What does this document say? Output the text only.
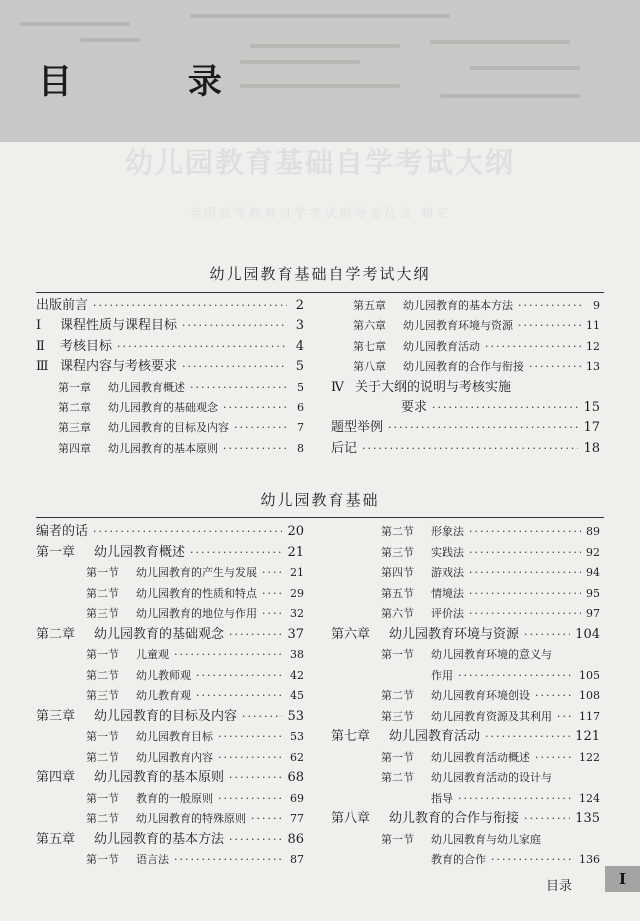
目 录
幼儿园教育基础自学考试大纲
全国高等教育自学考试指导委员会 制定
幼儿园教育基础自学考试大纲
出版前言 ·····	2
Ⅰ 课程性质与课程目标 ·····	3
Ⅱ 考核目标 ·····	4
Ⅲ 课程内容与考核要求 ·····	5
第一章 幼儿园教育概述 ·····	5
第二章 幼儿园教育的基础观念 ·····	6
第三章 幼儿园教育的目标及内容 ·····	7
第四章 幼儿园教育的基本原则 ·····	8
第五章 幼儿园教育的基本方法 ·····	9
第六章 幼儿园教育环境与资源 ·····	11
第七章 幼儿园教育活动 ·····	12
第八章 幼儿园教育的合作与衔接 ·····	13
Ⅳ 关于大纲的说明与考核实施
要求 ·····	15
题型举例 ·····	17
后记 ·····	18
幼儿园教育基础
编者的话 ·····	20
第一章 幼儿园教育概述 ·····	21
第一节 幼儿园教育的产生与发展 ·····	21
第二节 幼儿园教育的性质和特点 ·····	29
第三节 幼儿园教育的地位与作用 ·····	32
第二章 幼儿园教育的基础观念 ·····	37
第一节 儿童观 ·····	38
第二节 幼儿教师观 ·····	42
第三节 幼儿教育观 ·····	45
第三章 幼儿园教育的目标及内容 ·····	53
第一节 幼儿园教育目标 ·····	53
第二节 幼儿园教育内容 ·····	62
第四章 幼儿园教育的基本原则 ·····	68
第一节 教育的一般原则 ·····	69
第二节 幼儿园教育的特殊原则 ·····	77
第五章 幼儿园教育的基本方法 ·····	86
第一节 语言法 ·····	87
第二节 形象法 ·····	89
第三节 实践法 ·····	92
第四节 游戏法 ·····	94
第五节 情境法 ·····	95
第六节 评价法 ·····	97
第六章 幼儿园教育环境与资源 ·····	104
第一节 幼儿园教育环境的意义与
作用 ·····	105
第二节 幼儿园教育环境创设 ·····	108
第三节 幼儿园教育资源及其利用 ····· 117
第七章 幼儿园教育活动 ·····	121
第一节 幼儿园教育活动概述 ·····	122
第二节 幼儿园教育活动的设计与
指导 ·····	124
第八章 幼儿教育的合作与衔接 ·····	135
第一节 幼儿园教育与幼儿家庭
教育的合作 ·····	136
目录	I
